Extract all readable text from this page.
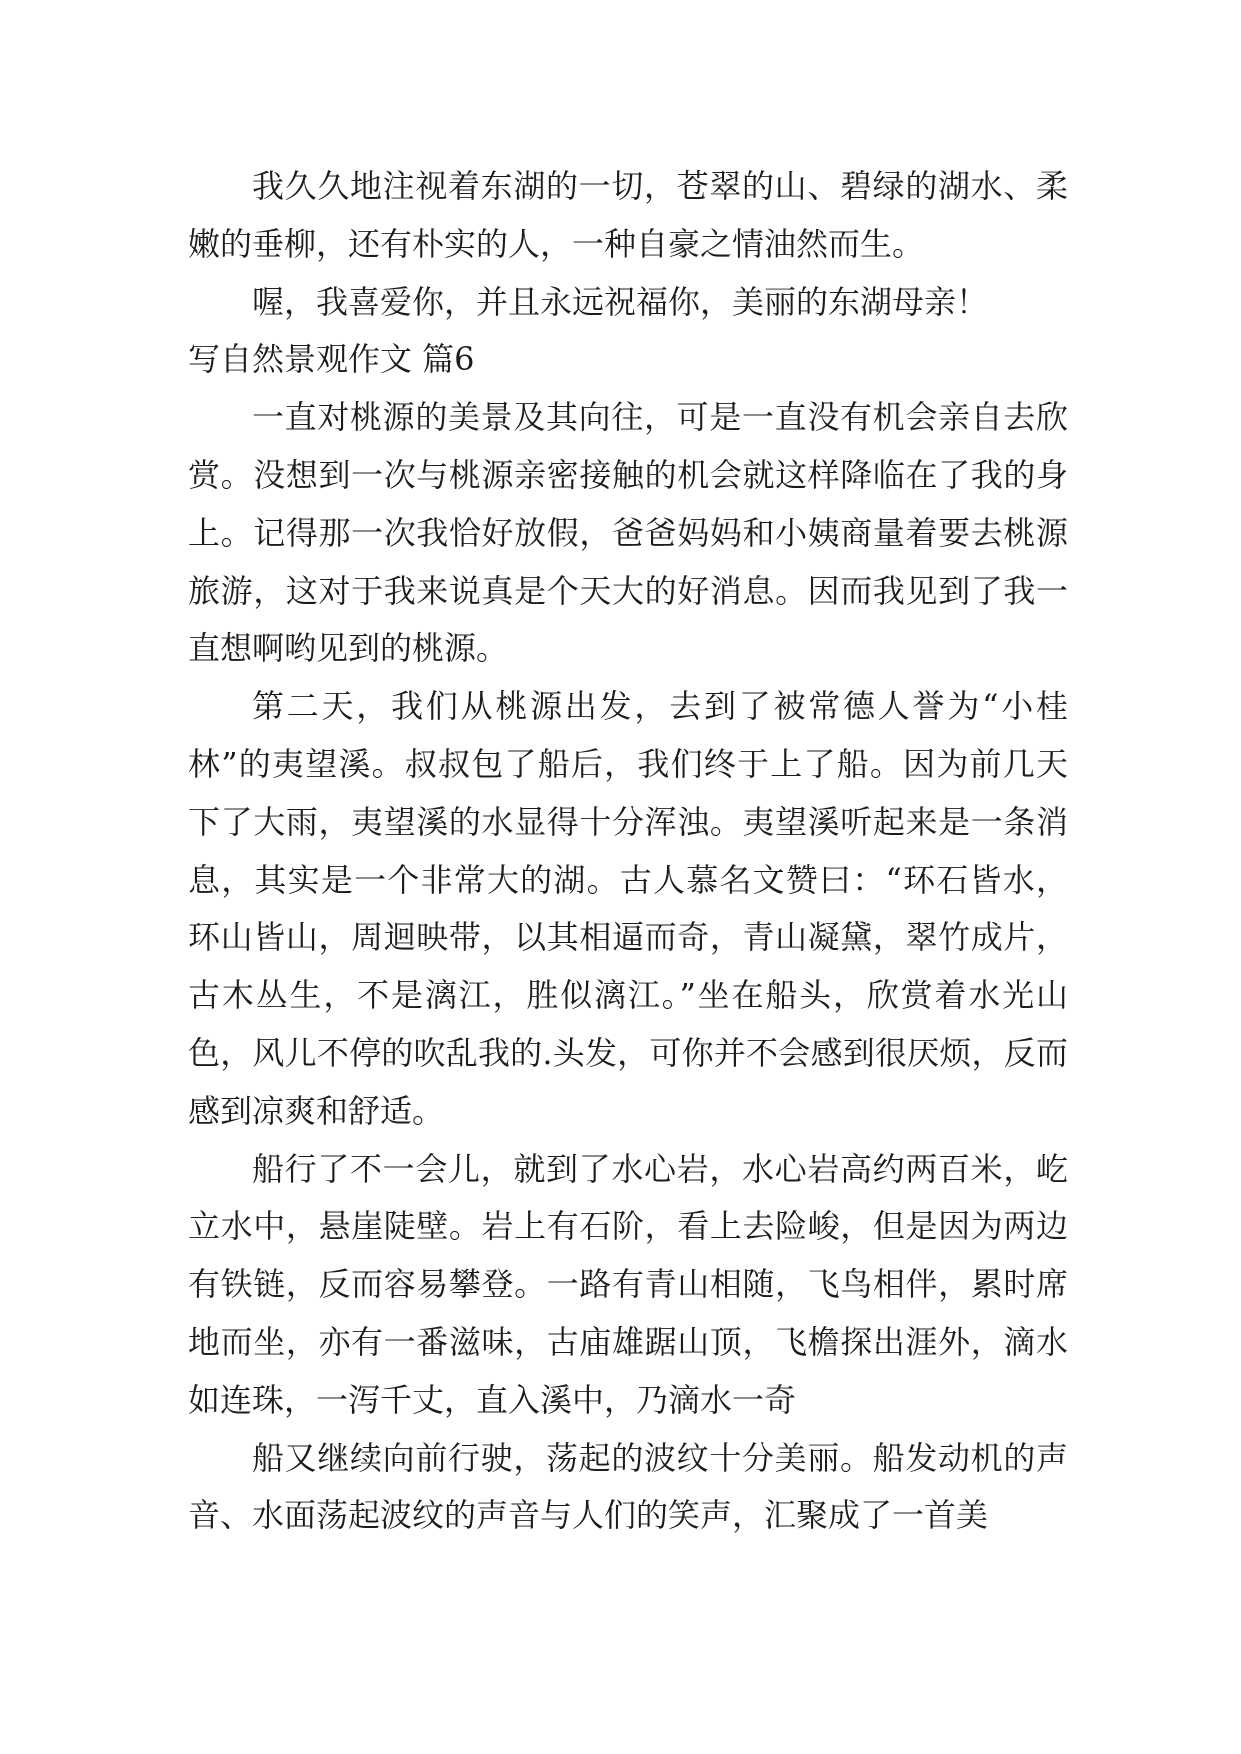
我久久地注视着东湖的一切，苍翠的山、碧绿的湖水、柔嫩的垂柳，还有朴实的人，一种自豪之情油然而生。

喔，我喜爱你，并且永远祝福你，美丽的东湖母亲！

写自然景观作文 篇6

一直对桃源的美景及其向往，可是一直没有机会亲自去欣赏。没想到一次与桃源亲密接触的机会就这样降临在了我的身上。记得那一次我恰好放假，爸爸妈妈和小姨商量着要去桃源旅游，这对于我来说真是个天大的好消息。因而我见到了我一直想啊哟见到的桃源。

第二天，我们从桃源出发，去到了被常德人誉为“小桂林”的夷望溪。叔叔包了船后，我们终于上了船。因为前几天下了大雨，夷望溪的水显得十分浑浊。夷望溪听起来是一条消息，其实是一个非常大的湖。古人慕名文赞曰：“环石皆水，环山皆山，周迴映带，以其相逼而奇，青山凝黛，翠竹成片，古木丛生，不是漓江，胜似漓江。”坐在船头，欣赏着水光山色，风儿不停的吹乱我的.头发，可你并不会感到很厌烦，反而感到凉爽和舒适。

船行了不一会儿，就到了水心岩，水心岩高约两百米，屹立水中，悬崖陡壁。岩上有石阶，看上去险峻，但是因为两边有铁链，反而容易攀登。一路有青山相随，飞鸟相伴，累时席地而坐，亦有一番滋味，古庙雄踞山顶，飞檐探出涯外，滴水如连珠，一泻千丈，直入溪中，乃滴水一奇

船又继续向前行驶，荡起的波纹十分美丽。船发动机的声音、水面荡起波纹的声音与人们的笑声，汇聚成了一首美
